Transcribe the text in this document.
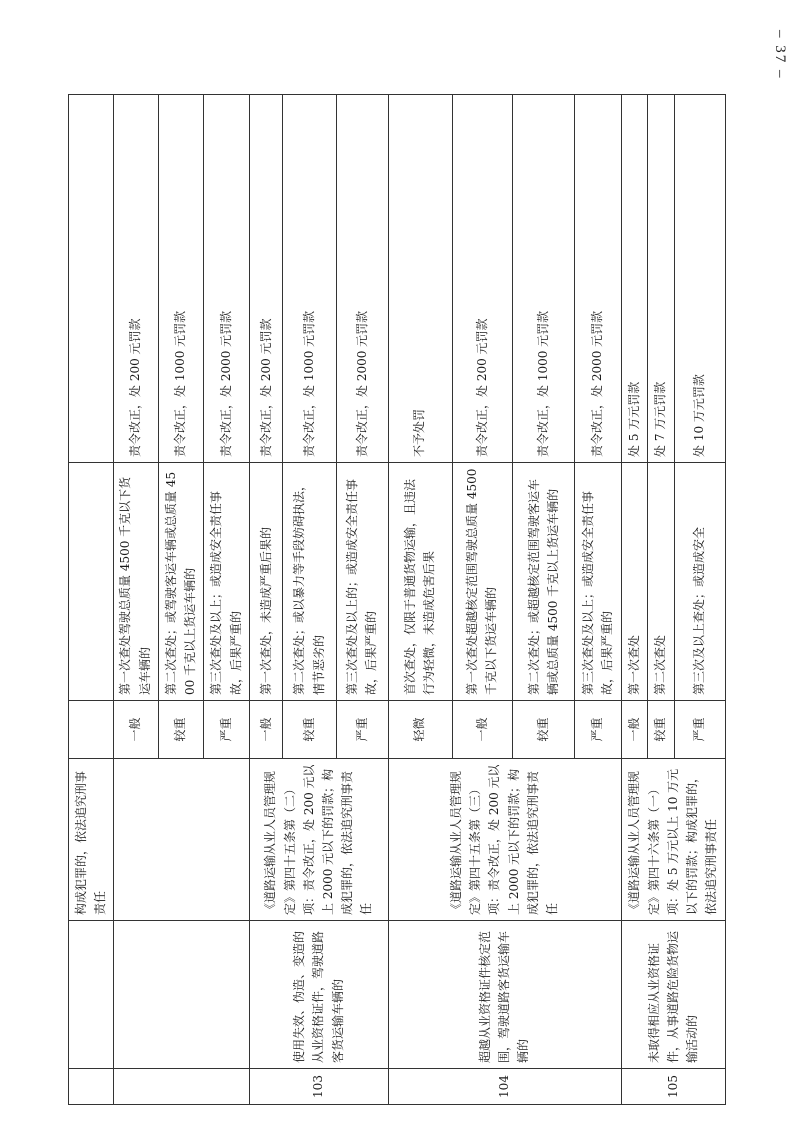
– 37 –
		构成犯罪的，依法追究刑事责任			
			一般	第一次查处驾驶总质量 4500 千克以下货运车辆的	责令改正，处 200 元罚款
			较重	第二次查处；或驾驶客运车辆或总质量 4500 千克以上货运车辆的	责令改正，处 1000 元罚款
			严重	第三次查处及以上；或造成安全责任事故，后果严重的	责令改正，处 2000 元罚款
103	使用失效、伪造、变造的从业资格证件，驾驶道路客货运输车辆的	《道路运输从业人员管理规定》第四十五条第（二）项：责令改正，处 200 元以上 2000 元以下的罚款；构成犯罪的，依法追究刑事责任	一般	第一次查处，未造成严重后果的	责令改正，处 200 元罚款
			较重	第二次查处；或以暴力等手段妨碍执法，情节恶劣的	责令改正，处 1000 元罚款
			严重	第三次查处及以上的；或造成安全责任事故，后果严重的	责令改正，处 2000 元罚款
104	超越从业资格证件核定范围，驾驶道路客货运输车辆的	《道路运输从业人员管理规定》第四十五条第（三）项：责令改正，处 200 元以上 2000 元以下的罚款；构成犯罪的，依法追究刑事责任	轻微	首次查处，仅限于普通货物运输，且违法行为轻微，未造成危害后果	不予处罚
			一般	第一次查处超越核定范围驾驶总质量 4500 千克以下货运车辆的	责令改正，处 200 元罚款
			较重	第二次查处；或超越核定范围驾驶客运车辆或总质量 4500 千克以上货运车辆的	责令改正，处 1000 元罚款
			严重	第三次查处及以上；或造成安全责任事故，后果严重的	责令改正，处 2000 元罚款
105	未取得相应从业资格证件，从事道路危险货物运输活动的	《道路运输从业人员管理规定》第四十六条第（一）项：处 5 万元以上 10 万元以下的罚款；构成犯罪的，依法追究刑事责任	一般	第一次查处	处 5 万元罚款
			较重	第二次查处	处 7 万元罚款
			严重	第三次及以上查处；或造成安全	处 10 万元罚款
